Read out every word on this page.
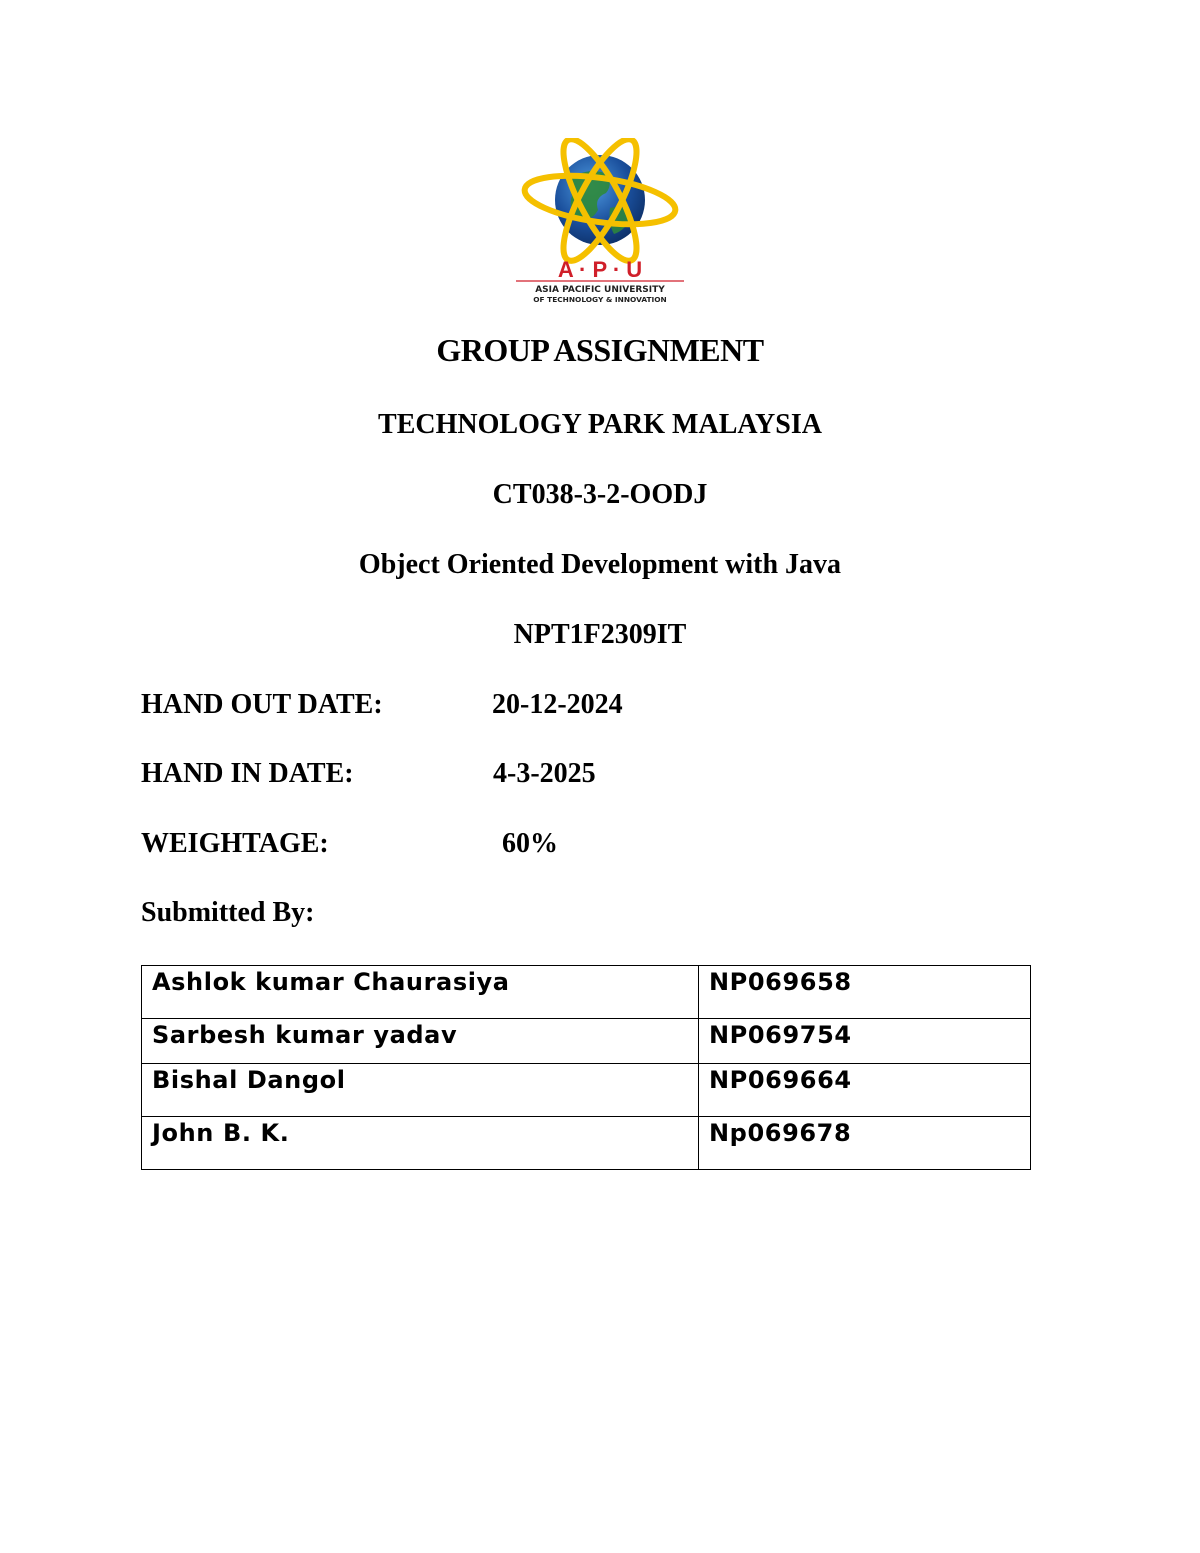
A · P · U
ASIA PACIFIC UNIVERSITY
OF TECHNOLOGY & INNOVATION
GROUP ASSIGNMENT
TECHNOLOGY PARK MALAYSIA
CT038-3-2-OODJ
Object Oriented Development with Java
NPT1F2309IT
HAND OUT DATE:	20-12-2024
HAND IN DATE:	4-3-2025
WEIGHTAGE:	60%
Submitted By:
Ashlok kumar Chaurasiya	NP069658
Sarbesh kumar yadav	NP069754
Bishal Dangol	NP069664
John B. K.	Np069678
